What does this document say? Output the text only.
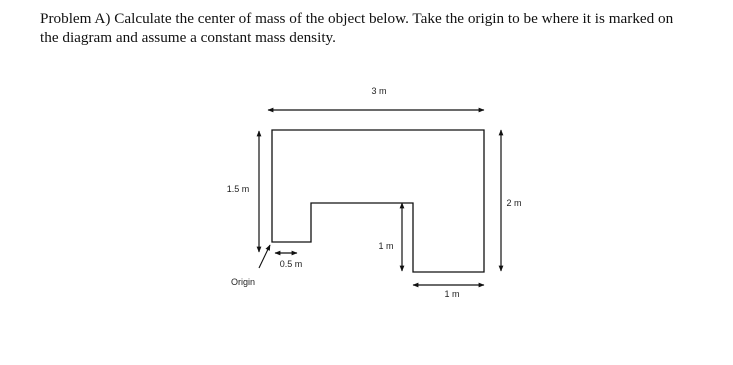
Problem A) Calculate the center of mass of the object below. Take the origin to be where it is marked on
the diagram and assume a constant mass density.
3 m
1.5 m
2 m
0.5 m
1 m
1 m
Origin
